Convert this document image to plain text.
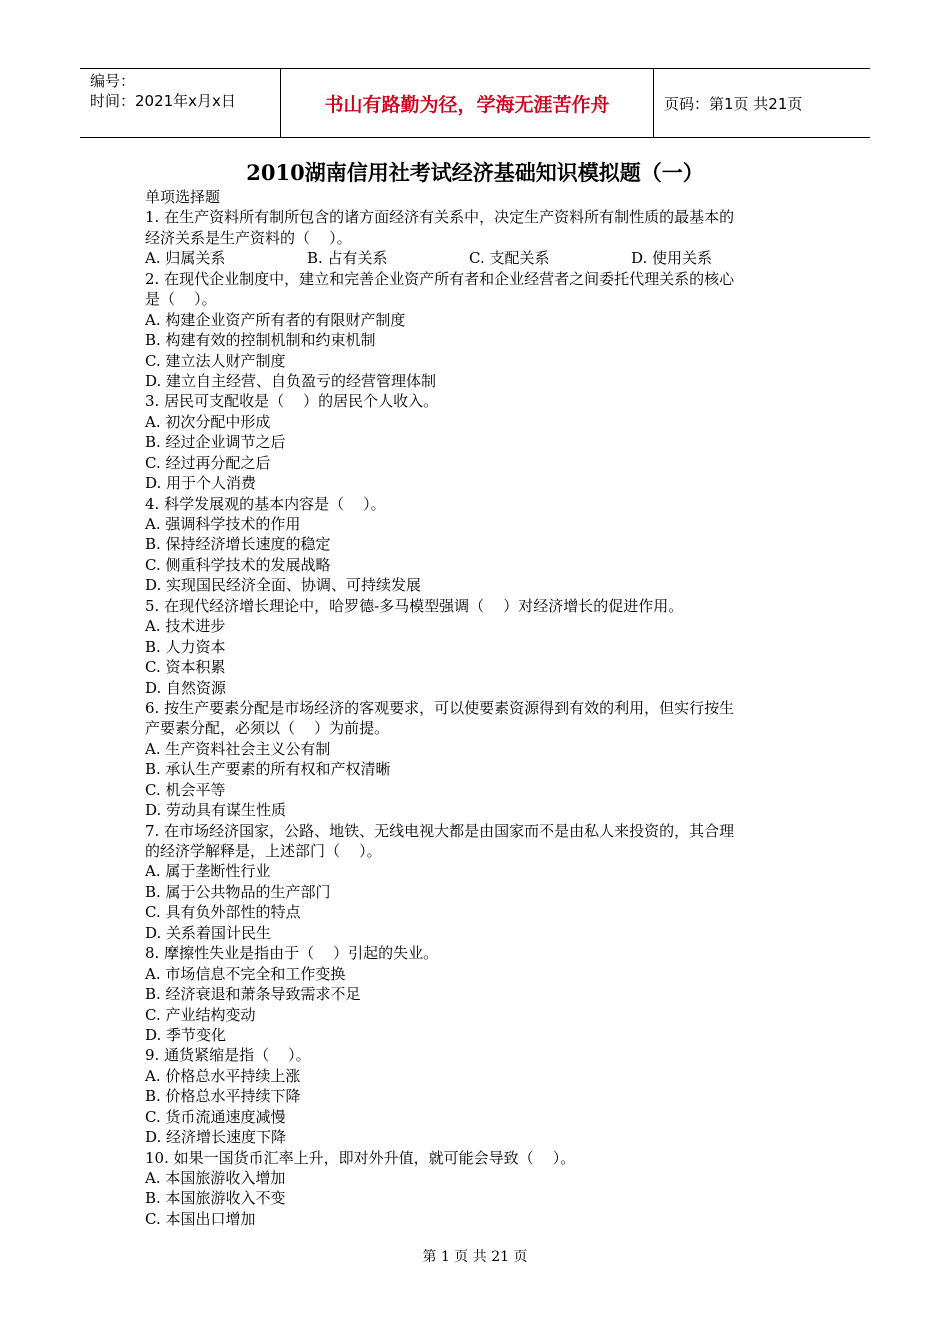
编号：
时间：2021年x月x日	书山有路勤为径，学海无涯苦作舟	页码：第1页 共21页
2010湖南信用社考试经济基础知识模拟题（一）
单项选择题
1. 在生产资料所有制所包含的诸方面经济有关系中，决定生产资料所有制性质的最基本的
经济关系是生产资料的（    ）。
A. 归属关系	B. 占有关系	C. 支配关系	D. 使用关系
2. 在现代企业制度中，建立和完善企业资产所有者和企业经营者之间委托代理关系的核心
是（    ）。
A. 构建企业资产所有者的有限财产制度
B. 构建有效的控制机制和约束机制
C. 建立法人财产制度
D. 建立自主经营、自负盈亏的经营管理体制
3. 居民可支配收是（    ）的居民个人收入。
A. 初次分配中形成
B. 经过企业调节之后
C. 经过再分配之后
D. 用于个人消费
4. 科学发展观的基本内容是（    ）。
A. 强调科学技术的作用
B. 保持经济增长速度的稳定
C. 侧重科学技术的发展战略
D. 实现国民经济全面、协调、可持续发展
5. 在现代经济增长理论中，哈罗德-多马模型强调（    ）对经济增长的促进作用。
A. 技术进步
B. 人力资本
C. 资本积累
D. 自然资源
6. 按生产要素分配是市场经济的客观要求，可以使要素资源得到有效的利用，但实行按生
产要素分配，必须以（    ）为前提。
A. 生产资料社会主义公有制
B. 承认生产要素的所有权和产权清晰
C. 机会平等
D. 劳动具有谋生性质
7. 在市场经济国家，公路、地铁、无线电视大都是由国家而不是由私人来投资的，其合理
的经济学解释是，上述部门（    ）。
A. 属于垄断性行业
B. 属于公共物品的生产部门
C. 具有负外部性的特点
D. 关系着国计民生
8. 摩擦性失业是指由于（    ）引起的失业。
A. 市场信息不完全和工作变换
B. 经济衰退和萧条导致需求不足
C. 产业结构变动
D. 季节变化
9. 通货紧缩是指（    ）。
A. 价格总水平持续上涨
B. 价格总水平持续下降
C. 货币流通速度减慢
D. 经济增长速度下降
10. 如果一国货币汇率上升，即对外升值，就可能会导致（    ）。
A. 本国旅游收入增加
B. 本国旅游收入不变
C. 本国出口增加
第 1 页 共 21 页
